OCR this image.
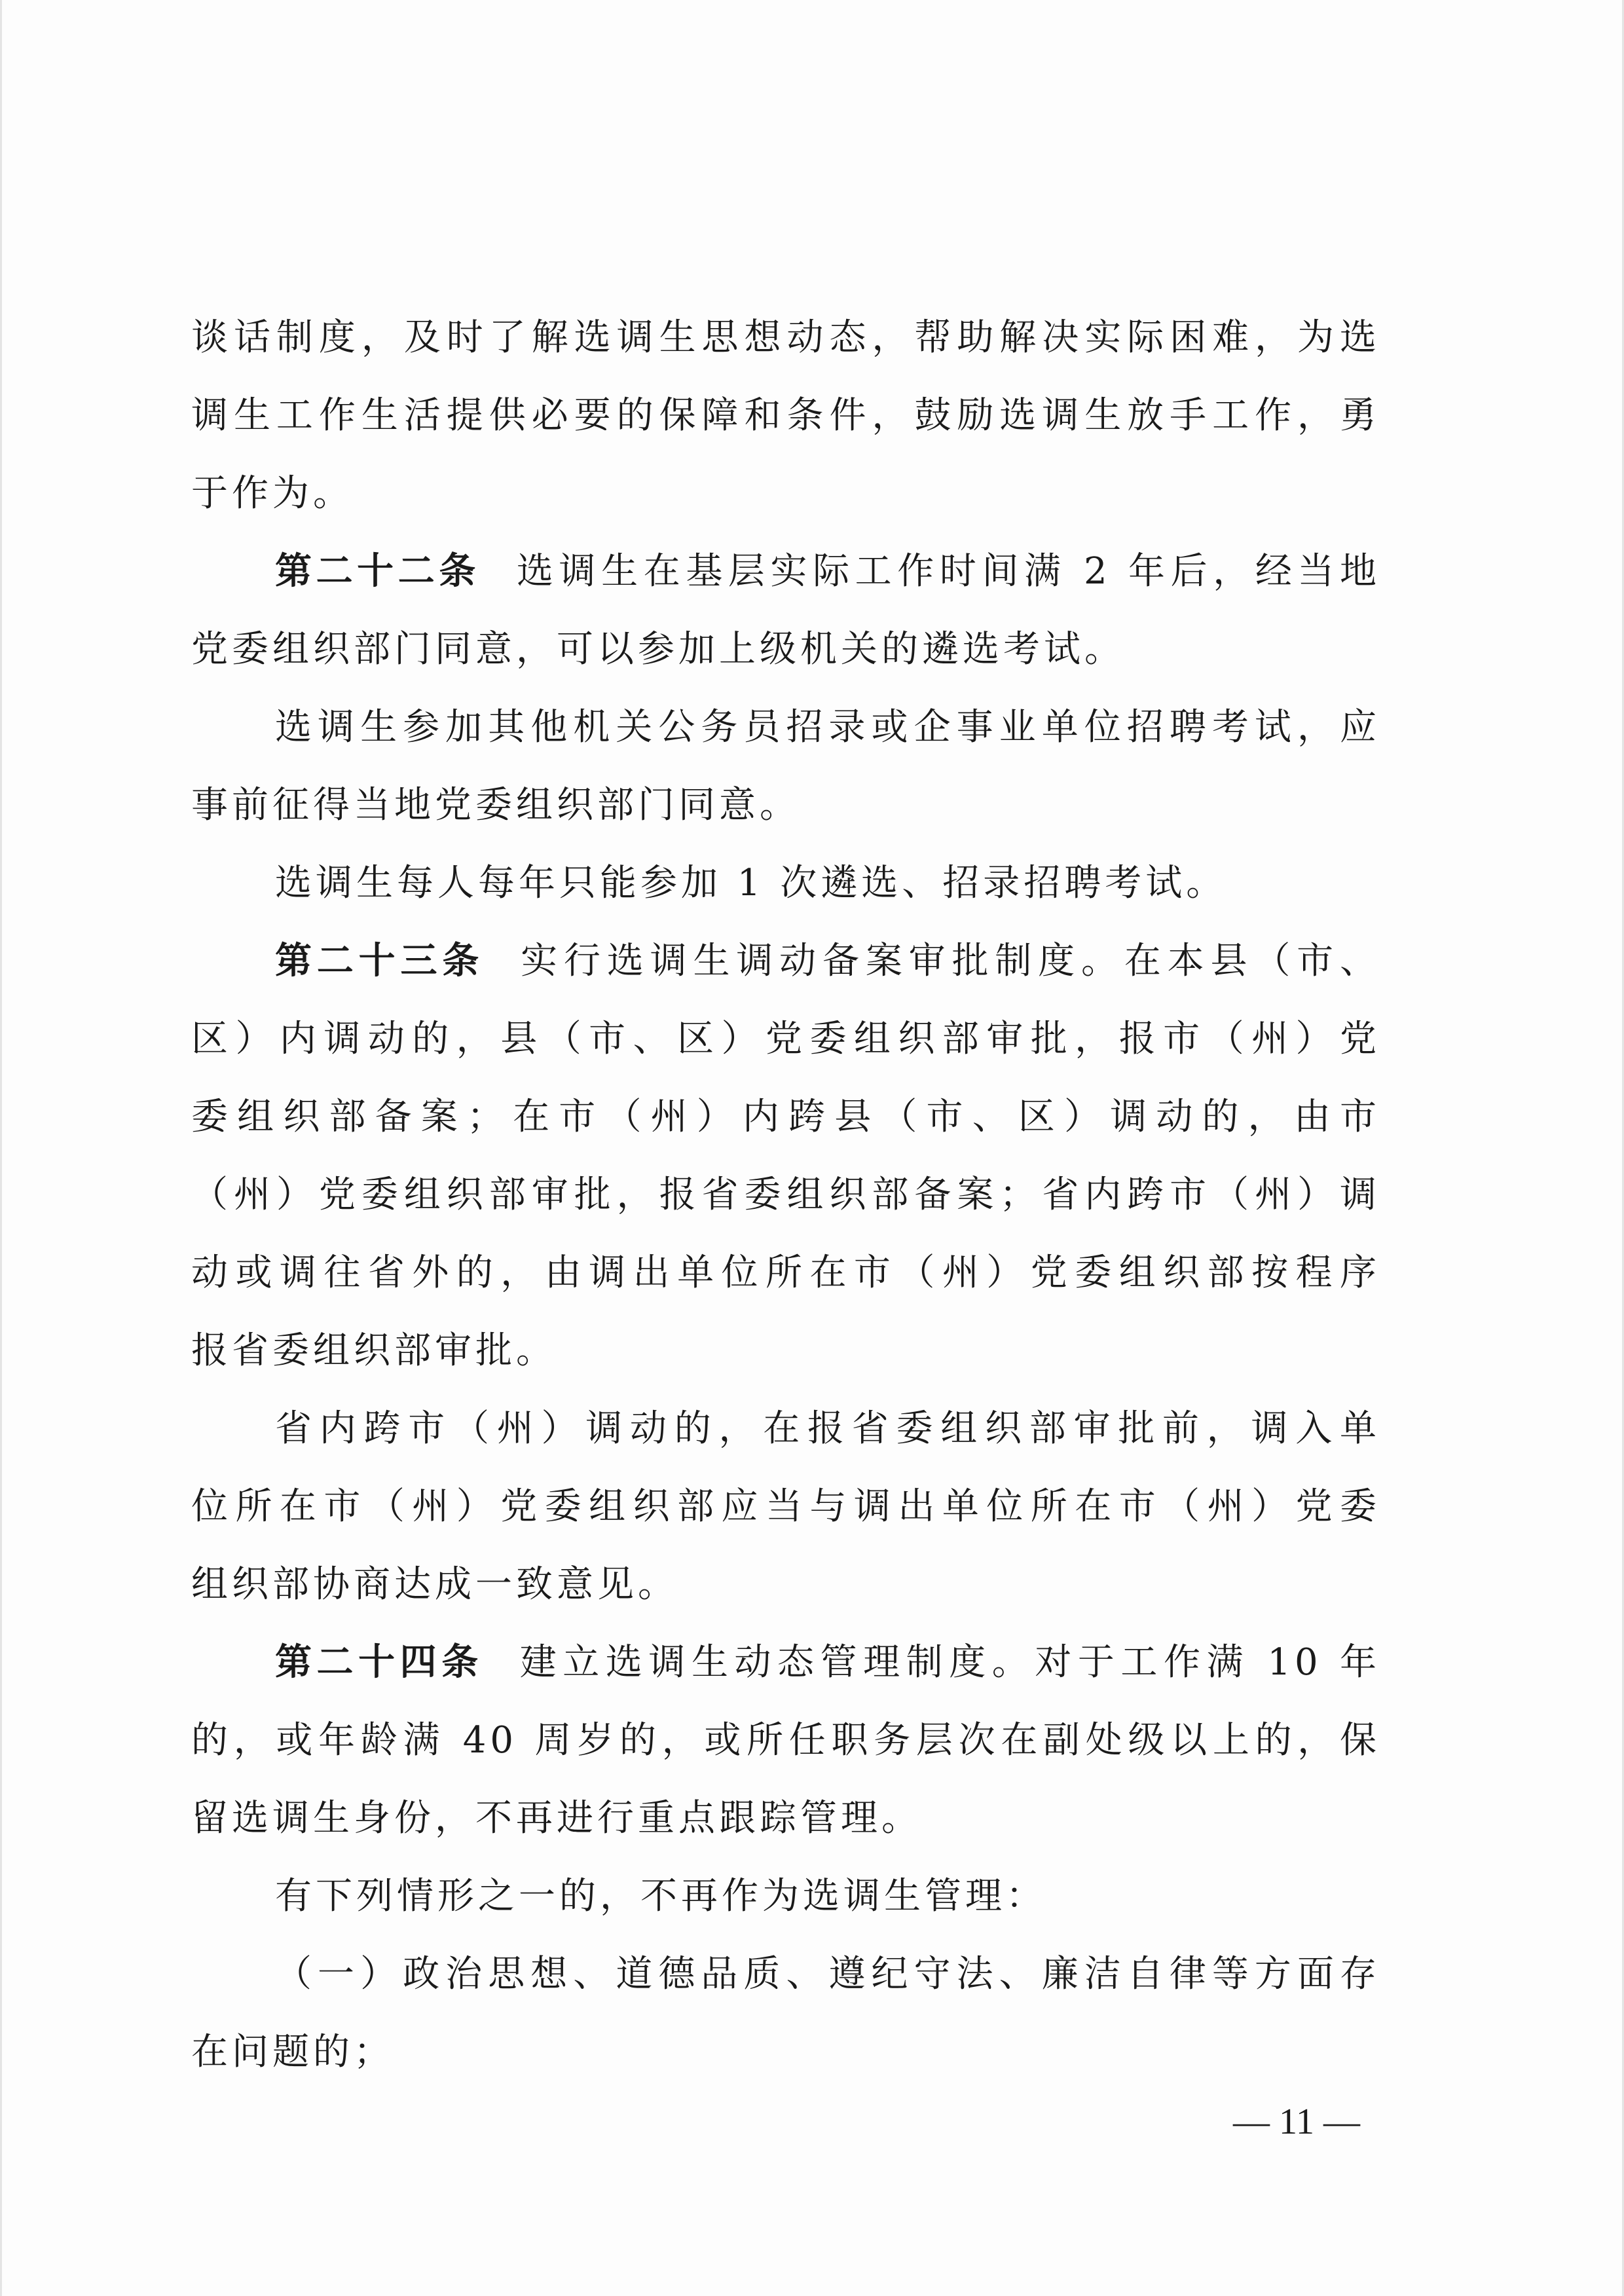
谈话制度，及时了解选调生思想动态，帮助解决实际困难，为选
调生工作生活提供必要的保障和条件，鼓励选调生放手工作，勇
于作为。
第二十二条 选调生在基层实际工作时间满 2 年后，经当地
党委组织部门同意，可以参加上级机关的遴选考试。
选调生参加其他机关公务员招录或企事业单位招聘考试，应
事前征得当地党委组织部门同意。
选调生每人每年只能参加 1 次遴选、招录招聘考试。
第二十三条 实行选调生调动备案审批制度。在本县（市、
区）内调动的，县（市、区）党委组织部审批，报市（州）党
委组织部备案；在市（州）内跨县（市、区）调动的，由市
（州）党委组织部审批，报省委组织部备案；省内跨市（州）调
动或调往省外的，由调出单位所在市（州）党委组织部按程序
报省委组织部审批。
省内跨市（州）调动的，在报省委组织部审批前，调入单
位所在市（州）党委组织部应当与调出单位所在市（州）党委
组织部协商达成一致意见。
第二十四条 建立选调生动态管理制度。对于工作满 10 年
的，或年龄满 40 周岁的，或所任职务层次在副处级以上的，保
留选调生身份，不再进行重点跟踪管理。
有下列情形之一的，不再作为选调生管理：
（一）政治思想、道德品质、遵纪守法、廉洁自律等方面存
在问题的；
— 11 —
